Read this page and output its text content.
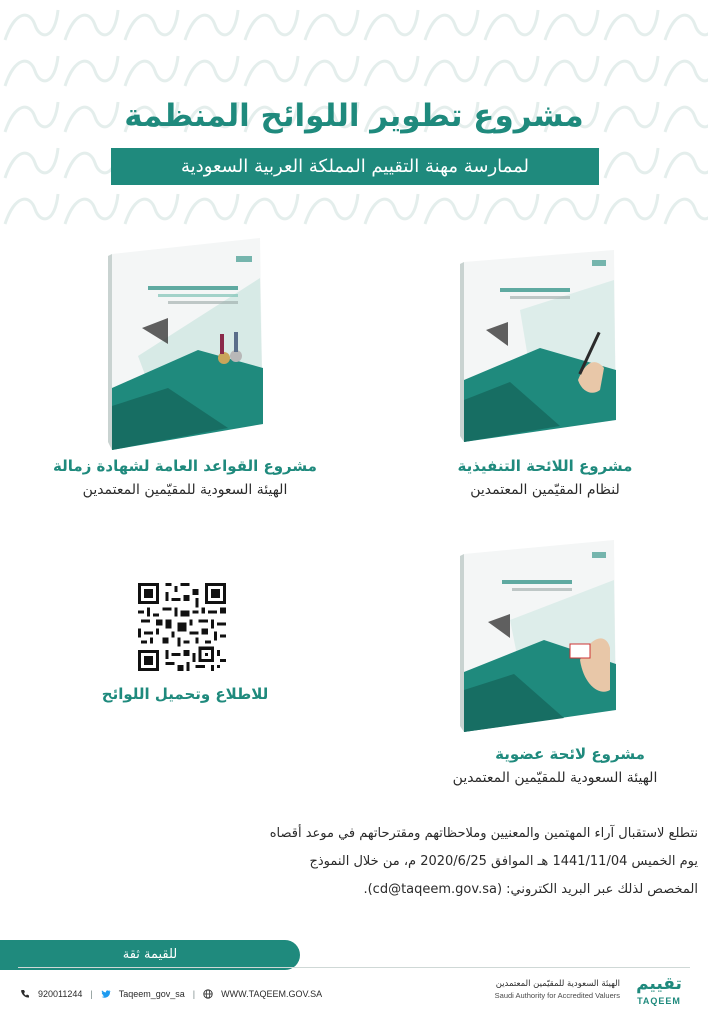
مشروع تطوير اللوائح المنظمة
لممارسة مهنة التقييم المملكة العربية السعودية
مشروع القواعد العامة لشهادة زمالة
الهيئة السعودية للمقيّمين المعتمدين
مشروع اللائحة التنفيذية
لنظام المقيّمين المعتمدين
مشروع لائحة عضوية
الهيئة السعودية للمقيّمين المعتمدين
للاطلاع وتحميل اللوائح

نتطلع لاستقبال آراء المهتمين والمعنيين وملاحظاتهم ومقترحاتهم في موعد أقصاه

يوم الخميس 1441/11/04 هـ الموافق 2020/6/25 م، من خلال النموذج

المخصص لذلك عبر البريد الكتروني: (cd@taqeem.gov.sa).

للقيمة ثقة
920011244 |	Taqeem_gov_sa |	WWW.TAQEEM.GOV.SA
الهيئة السعودية للمقيّمين المعتمدين
Saudi Authority for Accredited Valuers
تقييم
TAQEEM
